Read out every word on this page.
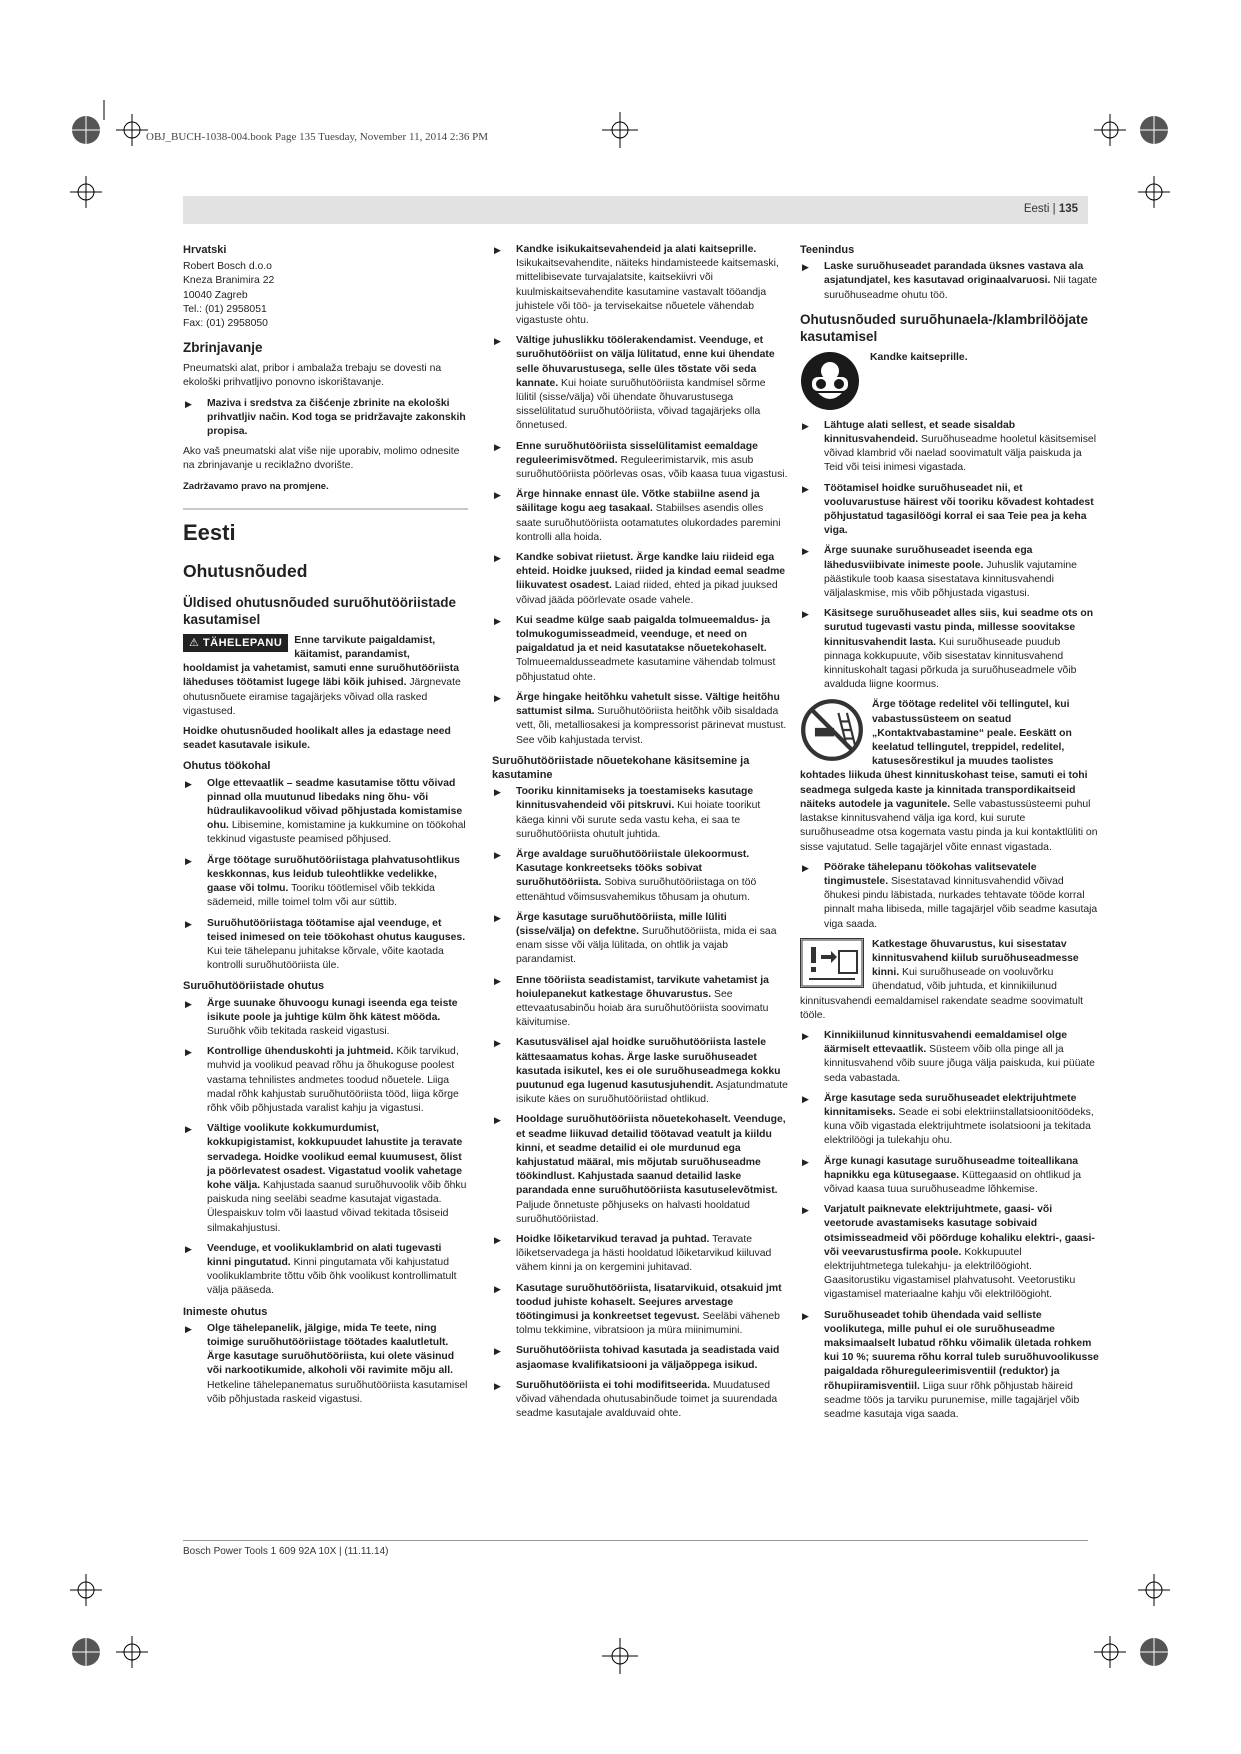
OBJ_BUCH-1038-004.book Page 135 Tuesday, November 11, 2014 2:36 PM
Eesti | 135

Hrvatski

Robert Bosch d.o.o
Kneza Branimira 22
10040 Zagreb
Tel.: (01) 2958051
Fax: (01) 2958050
Zbrinjavanje

Pneumatski alat, pribor i ambalaža trebaju se dovesti na ekološki prihvatljivo ponovno iskorištavanje.

▶ Maziva i sredstva za čišćenje zbrinite na ekološki prihvatljiv način. Kod toga se pridržavajte zakonskih propisa.

Ako vaš pneumatski alat više nije uporabiv, molimo odnesite na zbrinjavanje u reciklažno dvorište.

Zadržavamo pravo na promjene.

Eesti
Ohutusnõuded
Üldised ohutusnõuded suruõhutööriistade kasutamisel

⚠ TÄHELEPANU	Enne tarvikute paigaldamist, käitamist, parandamist, hooldamist ja vahetamist, samuti enne suruõhutööriista läheduses töötamist lugege läbi kõik juhised. Järgnevate ohutusnõuete eiramise tagajärjeks võivad olla rasked vigastused.

Hoidke ohutusnõuded hoolikalt alles ja edastage need seadet kasutavale isikule.

Ohutus töökohal

▶ Olge ettevaatlik – seadme kasutamise tõttu võivad pinnad olla muutunud libedaks ning õhu- või hüdraulikavoolikud võivad põhjustada komistamise ohu. Libisemine, komistamine ja kukkumine on töökohal tekkinud vigastuste peamised põhjused.
▶ Ärge töötage suruõhutööriistaga plahvatusohtlikus keskkonnas, kus leidub tuleohtlikke vedelikke, gaase või tolmu. Tooriku töötlemisel võib tekkida sädemeid, mille toimel tolm või aur süttib.
▶ Suruõhutööriistaga töötamise ajal veenduge, et teised inimesed on teie töökohast ohutus kauguses. Kui teie tähelepanu juhitakse kõrvale, võite kaotada kontrolli suruõhutööriista üle.

Suruõhutööriistade ohutus

▶ Ärge suunake õhuvoogu kunagi iseenda ega teiste isikute poole ja juhtige külm õhk kätest mööda. Suruõhk võib tekitada raskeid vigastusi.
▶ Kontrollige ühenduskohti ja juhtmeid. Kõik tarvikud, muhvid ja voolikud peavad rõhu ja õhukoguse poolest vastama tehnilistes andmetes toodud nõuetele. Liiga madal rõhk kahjustab suruõhutööriista tööd, liiga kõrge rõhk võib põhjustada varalist kahju ja vigastusi.
▶ Vältige voolikute kokkumurdumist, kokkupigistamist, kokkupuudet lahustite ja teravate servadega. Hoidke voolikud eemal kuumusest, õlist ja pöörlevatest osadest. Vigastatud voolik vahetage kohe välja. Kahjustada saanud suruõhuvoolik võib õhku paiskuda ning seeläbi seadme kasutajat vigastada. Ülespaiskuv tolm või laastud võivad tekitada tõsiseid silmakahjustusi.
▶ Veenduge, et voolikuklambrid on alati tugevasti kinni pingutatud. Kinni pingutamata või kahjustatud voolikuklambrite tõttu võib õhk voolikust kontrollimatult välja pääseda.

Inimeste ohutus

▶ Olge tähelepanelik, jälgige, mida Te teete, ning toimige suruõhutööriistage töötades kaalutletult. Ärge kasutage suruõhutööriista, kui olete väsinud või narkootikumide, alkoholi või ravimite mõju all. Hetkeline tähelepanematus suruõhutööriista kasutamisel võib põhjustada raskeid vigastusi.
▶ Kandke isikukaitsevahendeid ja alati kaitseprille. Isikukaitsevahendite, näiteks hindamisteede kaitsemaski, mittelibisevate turvajalatsite, kaitsekiivri või kuulmiskaitsevahendite kasutamine vastavalt tööandja juhistele või töö- ja tervisekaitse nõuetele vähendab vigastuste ohtu.
▶ Vältige juhuslikku töölerakendamist. Veenduge, et suruõhutööriist on välja lülitatud, enne kui ühendate selle õhuvarustusega, selle üles tõstate või seda kannate. Kui hoiate suruõhutööriista kandmisel sõrme lülitil (sisse/välja) või ühendate õhuvarustusega sisselülitatud suruõhutööriista, võivad tagajärjeks olla õnnetused.
▶ Enne suruõhutööriista sisselülitamist eemaldage reguleerimisvõtmed. Reguleerimistarvik, mis asub suruõhutööriista pöörlevas osas, võib kaasa tuua vigastusi.
▶ Ärge hinnake ennast üle. Võtke stabiilne asend ja säilitage kogu aeg tasakaal. Stabiilses asendis olles saate suruõhutööriista ootamatutes olukordades paremini kontrolli alla hoida.
▶ Kandke sobivat riietust. Ärge kandke laiu riideid ega ehteid. Hoidke juuksed, riided ja kindad eemal seadme liikuvatest osadest. Laiad riided, ehted ja pikad juuksed võivad jääda pöörlevate osade vahele.
▶ Kui seadme külge saab paigalda tolmueemaldus- ja tolmukogumisseadmeid, veenduge, et need on paigaldatud ja et neid kasutatakse nõuetekohaselt. Tolmueemaldusseadmete kasutamine vähendab tolmust põhjustatud ohte.
▶ Ärge hingake heitõhku vahetult sisse. Vältige heitõhu sattumist silma. Suruõhutööriista heitõhk võib sisaldada vett, õli, metalliosakesi ja kompressorist pärinevat mustust. See võib kahjustada tervist.

Suruõhutööriistade nõuetekohane käsitsemine ja kasutamine

▶ Tooriku kinnitamiseks ja toestamiseks kasutage kinnitusvahendeid või pitskruvi. Kui hoiate toorikut käega kinni või surute seda vastu keha, ei saa te suruõhutööriista ohutult juhtida.
▶ Ärge avaldage suruõhutööriistale ülekoormust. Kasutage konkreetseks tööks sobivat suruõhutööriista. Sobiva suruõhutööriistaga on töö ettenähtud võimsusvahemikus tõhusam ja ohutum.
▶ Ärge kasutage suruõhutööriista, mille lüliti (sisse/välja) on defektne. Suruõhutööriista, mida ei saa enam sisse või välja lülitada, on ohtlik ja vajab parandamist.
▶ Enne tööriista seadistamist, tarvikute vahetamist ja hoiulepanekut katkestage õhuvarustus. See ettevaatusabinõu hoiab ära suruõhutööriista soovimatu käivitumise.
▶ Kasutusvälisel ajal hoidke suruõhutööriista lastele kättesaamatus kohas. Ärge laske suruõhuseadet kasutada isikutel, kes ei ole suruõhuseadmega kokku puutunud ega lugenud kasutusjuhendit. Asjatundmatute isikute käes on suruõhutööriistad ohtlikud.
▶ Hooldage suruõhutööriista nõuetekohaselt. Veenduge, et seadme liikuvad detailid töötavad veatult ja kiildu kinni, et seadme detailid ei ole murdunud ega kahjustatud määral, mis mõjutab suruõhuseadme töökindlust. Kahjustada saanud detailid laske parandada enne suruõhutööriista kasutuselevõtmist. Paljude õnnetuste põhjuseks on halvasti hooldatud suruõhutööriistad.
▶ Hoidke lõiketarvikud teravad ja puhtad. Teravate lõiketservadega ja hästi hooldatud lõiketarvikud kiiluvad vähem kinni ja on kergemini juhitavad.
▶ Kasutage suruõhutööriista, lisatarvikuid, otsakuid jmt toodud juhiste kohaselt. Seejures arvestage töötingimusi ja konkreetset tegevust. Seeläbi väheneb tolmu tekkimine, vibratsioon ja müra miinimumini.
▶ Suruõhutööriista tohivad kasutada ja seadistada vaid asjaomase kvalifikatsiooni ja väljaõppega isikud.
▶ Suruõhutööriista ei tohi modifitseerida. Muudatused võivad vähendada ohutusabinõude toimet ja suurendada seadme kasutajale avalduvaid ohte.

Teenindus

▶ Laske suruõhuseadet parandada üksnes vastava ala asjatundjatel, kes kasutavad originaalvaruosi. Nii tagate suruõhuseadme ohutu töö.
Ohutusnõuded suruõhunaela-/klambrilööjate kasutamisel
Kandke kaitseprille.
▶ Lähtuge alati sellest, et seade sisaldab kinnitusvahendeid. Suruõhuseadme hooletul käsitsemisel võivad klambrid või naelad soovimatult välja paiskuda ja Teid või teisi inimesi vigastada.
▶ Töötamisel hoidke suruõhuseadet nii, et vooluvarustuse häirest või tooriku kõvadest kohtadest põhjustatud tagasilöögi korral ei saa Teie pea ja keha viga.
▶ Ärge suunake suruõhuseadet iseenda ega lähedusviibivate inimeste poole. Juhuslik vajutamine päästikule toob kaasa sisestatava kinnitusvahendi väljalaskmise, mis võib põhjustada vigastusi.
▶ Käsitsege suruõhuseadet alles siis, kui seadme ots on surutud tugevasti vastu pinda, millesse soovitakse kinnitusvahendit lasta. Kui suruõhuseade puudub pinnaga kokkupuute, võib sisestatav kinnitusvahend kinnituskohalt tagasi põrkuda ja suruõhuseadmele võib avalduda liigne koormus.
Ärge töötage redelitel või tellingutel, kui vabastussüsteem on seatud „Kontaktvabastamine“ peale. Eeskätt on keelatud tellingutel, treppidel, redelitel, katusesõrestikul ja muudes taolistes kohtades liikuda ühest kinnituskohast teise, samuti ei tohi seadmega sulgeda kaste ja kinnitada transpordikaitseid näiteks autodele ja vagunitele. Selle vabastussüsteemi puhul lastakse kinnitusvahend välja iga kord, kui surute suruõhuseadme otsa kogemata vastu pinda ja kui kontaktlüliti on sisse vajutatud. Selle tagajärjel võite ennast vigastada.
▶ Pöörake tähelepanu töökohas valitsevatele tingimustele. Sisestatavad kinnitusvahendid võivad õhukesi pindu läbistada, nurkades tehtavate tööde korral pinnalt maha libiseda, mille tagajärjel võib seadme kasutaja viga saada.
Katkestage õhuvarustus, kui sisestatav kinnitusvahend kiilub suruõhuseadmesse kinni. Kui suruõhuseade on vooluvõrku ühendatud, võib juhtuda, et kinnikiilunud kinnitusvahendi eemaldamisel rakendate seadme soovimatult tööle.
▶ Kinnikiilunud kinnitusvahendi eemaldamisel olge äärmiselt ettevaatlik. Süsteem võib olla pinge all ja kinnitusvahend võib suure jõuga välja paiskuda, kui püüate seda vabastada.
▶ Ärge kasutage seda suruõhuseadet elektrijuhtmete kinnitamiseks. Seade ei sobi elektriinstallatsioonitöödeks, kuna võib vigastada elektrijuhtmete isolatsiooni ja tekitada elektrilöögi ja tulekahju ohu.
▶ Ärge kunagi kasutage suruõhuseadme toiteallikana hapnikku ega kütusegaase. Küttegaasid on ohtlikud ja võivad kaasa tuua suruõhuseadme lõhkemise.
▶ Varjatult paiknevate elektrijuhtmete, gaasi- või veetorude avastamiseks kasutage sobivaid otsimisseadmeid või pöörduge kohaliku elektri-, gaasi- või veevarustusfirma poole. Kokkupuutel elektrijuhtmetega tulekahju- ja elektrilöögioht. Gaasitorustiku vigastamisel plahvatusoht. Veetorustiku vigastamisel materiaalne kahju või elektrilöögioht.
▶ Suruõhuseadet tohib ühendada vaid selliste voolikutega, mille puhul ei ole suruõhuseadme maksimaalselt lubatud rõhku võimalik ületada rohkem kui 10 %; suurema rõhu korral tuleb suruõhuvoolikusse paigaldada rõhureguleerimisventiil (reduktor) ja rõhupiiramisventiil. Liiga suur rõhk põhjustab häireid seadme töös ja tarviku purunemise, mille tagajärjel võib seadme kasutaja viga saada.
Bosch Power Tools 1 609 92A 10X | (11.11.14)
